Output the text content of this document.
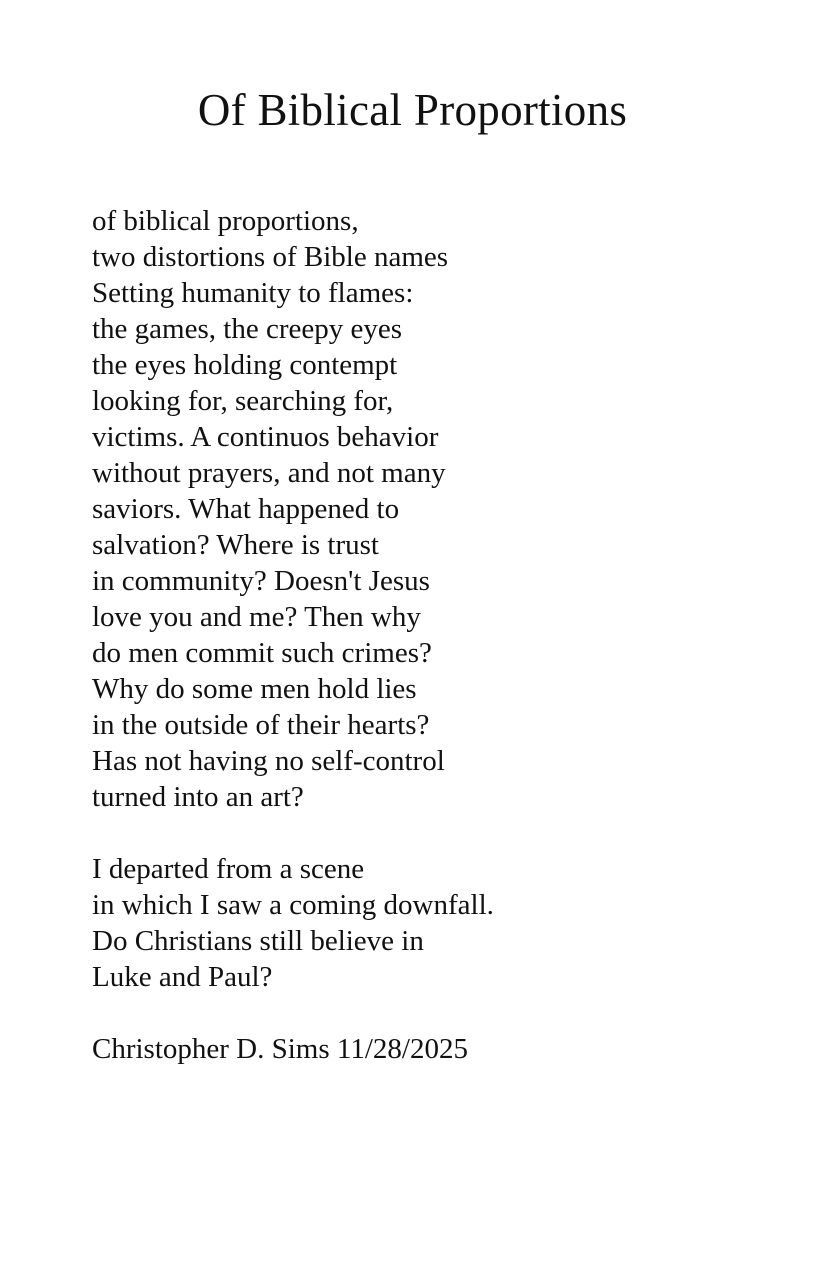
Of Biblical Proportions
of biblical proportions,
two distortions of Bible names
Setting humanity to flames:
the games, the creepy eyes
the eyes holding contempt
looking for, searching for,
victims. A continuos behavior
without prayers, and not many
saviors. What happened to
salvation? Where is trust
in community? Doesn't Jesus
love you and me? Then why
do men commit such crimes?
Why do some men hold lies
in the outside of their hearts?
Has not having no self-control
turned into an art?
I departed from a scene
in which I saw a coming downfall.
Do Christians still believe in
Luke and Paul?
Christopher D. Sims 11/28/2025
